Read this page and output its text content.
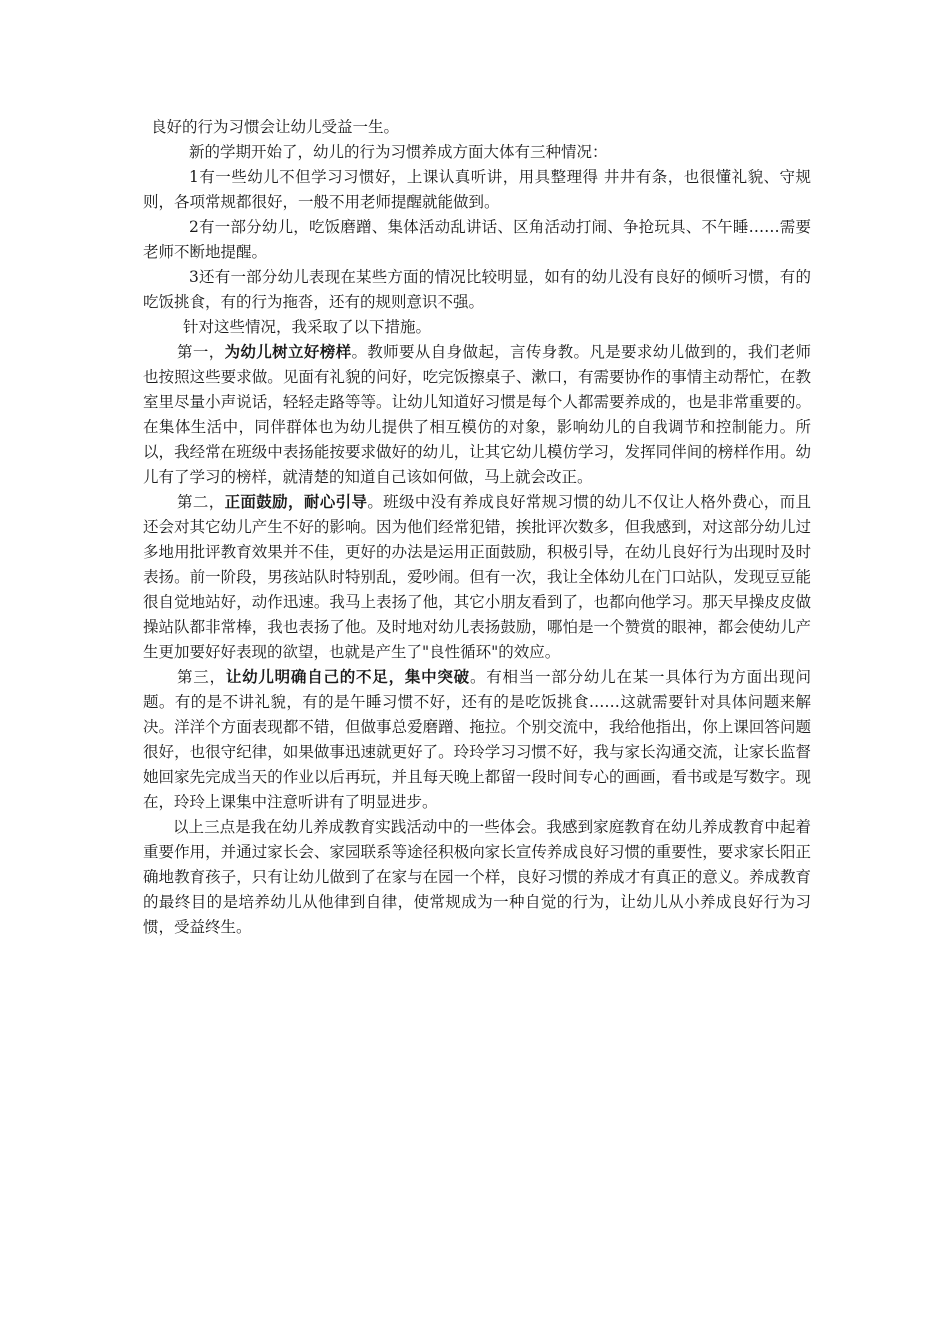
良好的行为习惯会让幼儿受益一生。

新的学期开始了，幼儿的行为习惯养成方面大体有三种情况：

1有一些幼儿不但学习习惯好，上课认真听讲，用具整理得 井井有条，也很懂礼貌、守规则，各项常规都很好，一般不用老师提醒就能做到。

2有一部分幼儿，吃饭磨蹭、集体活动乱讲话、区角活动打闹、争抢玩具、不午睡……需要老师不断地提醒。

3还有一部分幼儿表现在某些方面的情况比较明显，如有的幼儿没有良好的倾听习惯，有的吃饭挑食，有的行为拖沓，还有的规则意识不强。

针对这些情况，我采取了以下措施。

第一，为幼儿树立好榜样。教师要从自身做起，言传身教。凡是要求幼儿做到的，我们老师也按照这些要求做。见面有礼貌的问好，吃完饭擦桌子、漱口，有需要协作的事情主动帮忙，在教室里尽量小声说话，轻轻走路等等。让幼儿知道好习惯是每个人都需要养成的，也是非常重要的。在集体生活中，同伴群体也为幼儿提供了相互模仿的对象，影响幼儿的自我调节和控制能力。所以，我经常在班级中表扬能按要求做好的幼儿，让其它幼儿模仿学习，发挥同伴间的榜样作用。幼儿有了学习的榜样，就清楚的知道自己该如何做，马上就会改正。

第二，正面鼓励，耐心引导。班级中没有养成良好常规习惯的幼儿不仅让人格外费心，而且还会对其它幼儿产生不好的影响。因为他们经常犯错，挨批评次数多，但我感到，对这部分幼儿过多地用批评教育效果并不佳，更好的办法是运用正面鼓励，积极引导，在幼儿良好行为出现时及时表扬。前一阶段，男孩站队时特别乱，爱吵闹。但有一次，我让全体幼儿在门口站队，发现豆豆能很自觉地站好，动作迅速。我马上表扬了他，其它小朋友看到了，也都向他学习。那天早操皮皮做操站队都非常棒，我也表扬了他。及时地对幼儿表扬鼓励，哪怕是一个赞赏的眼神，都会使幼儿产生更加要好好表现的欲望，也就是产生了"良性循环"的效应。

第三，让幼儿明确自己的不足，集中突破。有相当一部分幼儿在某一具体行为方面出现问题。有的是不讲礼貌，有的是午睡习惯不好，还有的是吃饭挑食……这就需要针对具体问题来解决。洋洋个方面表现都不错，但做事总爱磨蹭、拖拉。个别交流中，我给他指出，你上课回答问题很好，也很守纪律，如果做事迅速就更好了。玲玲学习习惯不好，我与家长沟通交流，让家长监督她回家先完成当天的作业以后再玩，并且每天晚上都留一段时间专心的画画，看书或是写数字。现在，玲玲上课集中注意听讲有了明显进步。

以上三点是我在幼儿养成教育实践活动中的一些体会。我感到家庭教育在幼儿养成教育中起着重要作用，并通过家长会、家园联系等途径积极向家长宣传养成良好习惯的重要性，要求家长阳正确地教育孩子，只有让幼儿做到了在家与在园一个样，良好习惯的养成才有真正的意义。养成教育的最终目的是培养幼儿从他律到自律，使常规成为一种自觉的行为，让幼儿从小养成良好行为习惯，受益终生。
